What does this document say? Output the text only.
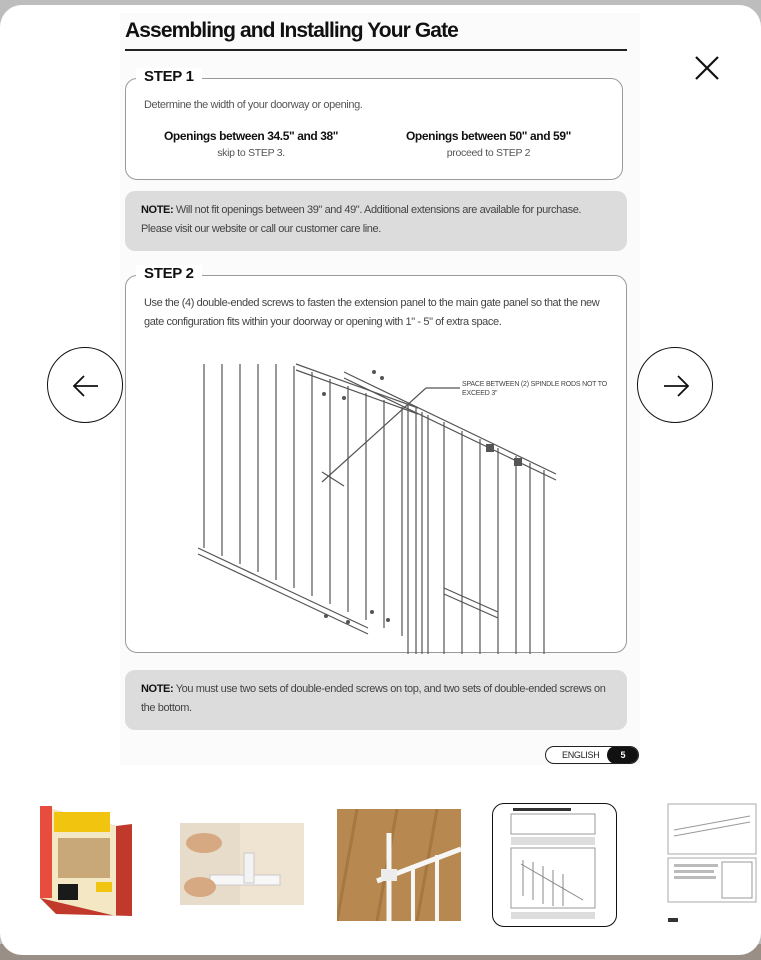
Assembling and Installing Your Gate
STEP 1
Determine the width of your doorway or opening.
Openings between 34.5" and 38"
skip to STEP 3.
Openings between 50" and 59"
proceed to STEP 2
NOTE: Will not fit openings between 39" and 49". Additional extensions are available for purchase. Please visit our website or call our customer care line.
STEP 2
Use the (4) double-ended screws to fasten the extension panel to the main gate panel so that the new gate configuration fits within your doorway or opening with 1" - 5" of extra space.
SPACE BETWEEN (2) SPINDLE RODS NOT TO EXCEED 3"
NOTE: You must use two sets of double-ended screws on top, and two sets of double-ended screws on the bottom.
ENGLISH	5
